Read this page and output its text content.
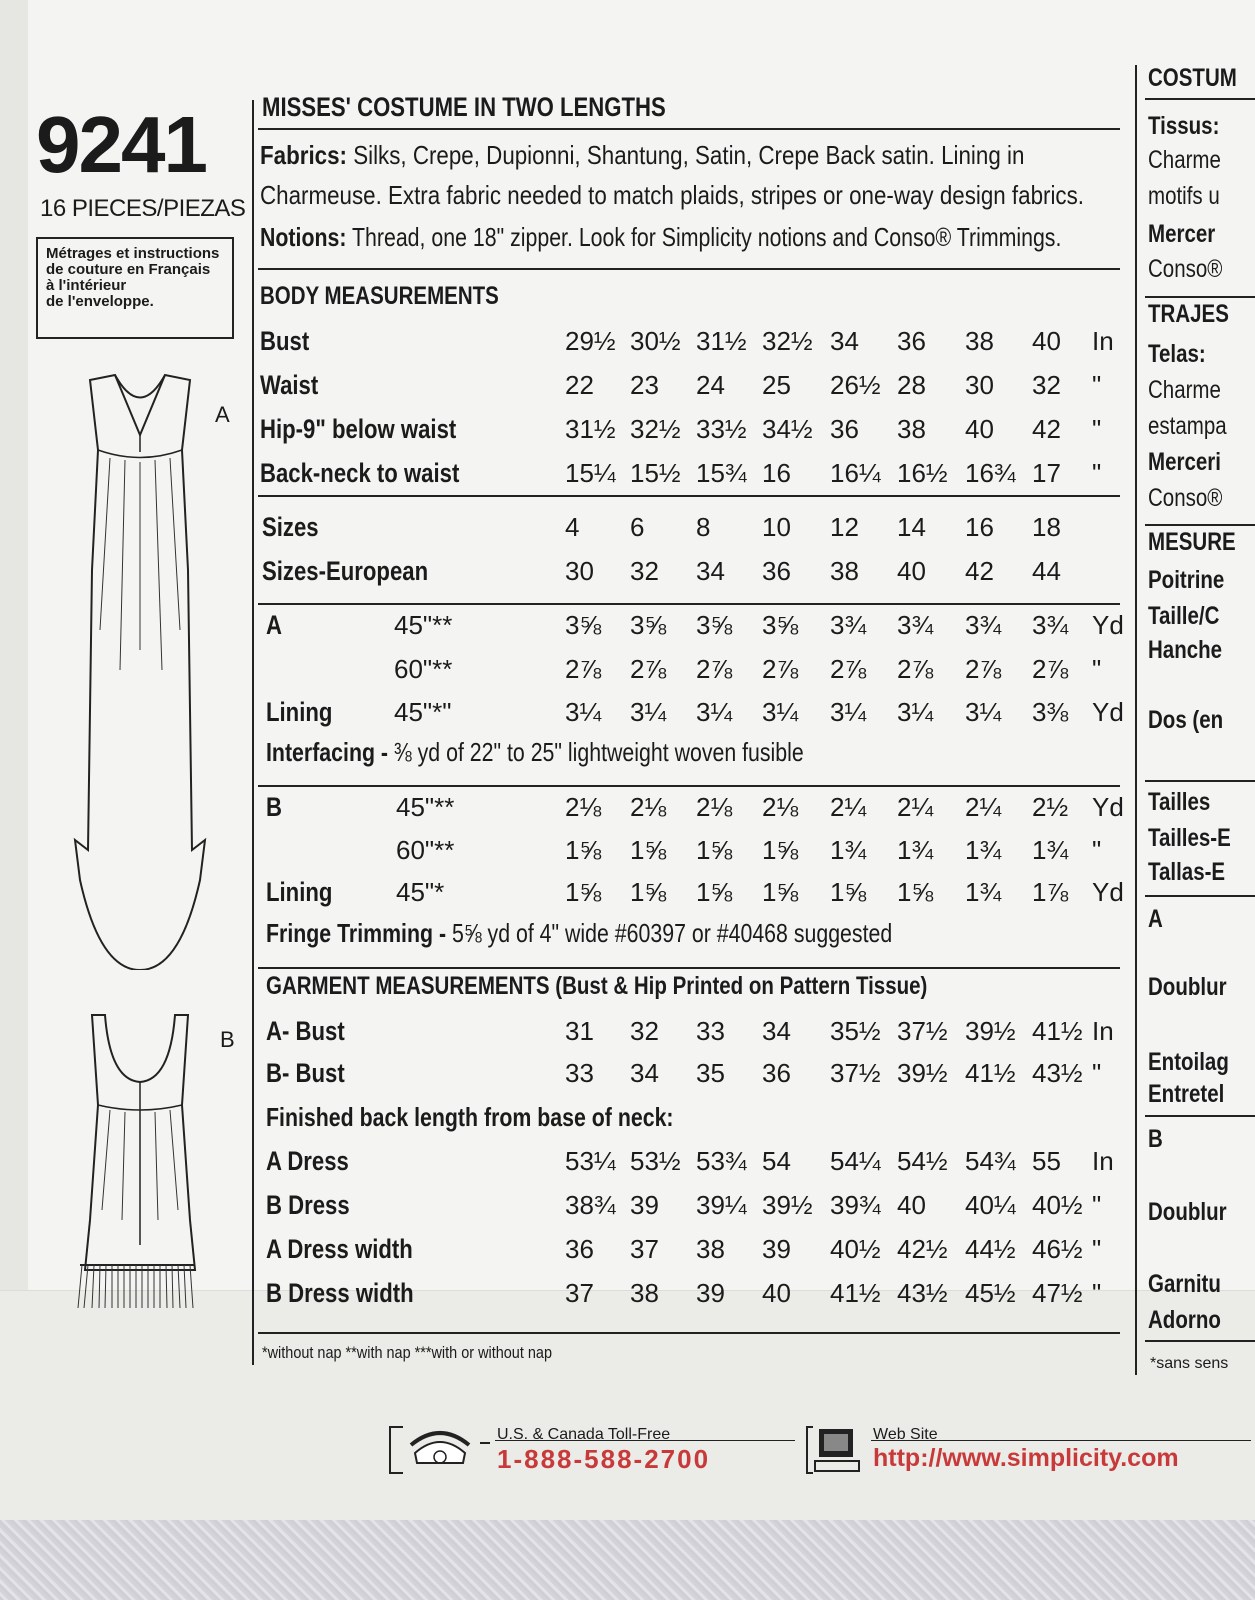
9241
16 PIECES/PIEZAS
Métrages et instructions
de couture en Français
à l'intérieur
de l'enveloppe.
A
B
MISSES' COSTUME IN TWO LENGTHS
Fabrics: Silks, Crepe, Dupionni, Shantung, Satin, Crepe Back satin. Lining in
Charmeuse. Extra fabric needed to match plaids, stripes or one-way design fabrics.
Notions: Thread, one 18" zipper. Look for Simplicity notions and Conso® Trimmings.
BODY MEASUREMENTS
Bust	29½ 30½ 31½ 32½ 34 36 38 40 In
Waist	22 23 24 25 26½ 28 30 32 "
Hip-9" below waist	31½ 32½ 33½ 34½ 36 38 40 42 "
Back-neck to waist	15¼ 15½ 15¾ 16 16¼ 16½ 16¾ 17 "
Sizes	4 6 8 10 12 14 16 18
Sizes-European	30 32 34 36 38 40 42 44
A	45"**	3⅝ 3⅝ 3⅝ 3⅝ 3¾ 3¾ 3¾ 3¾ Yd
60"**	2⅞ 2⅞ 2⅞ 2⅞ 2⅞ 2⅞ 2⅞ 2⅞ "
Lining	45"*"	3¼ 3¼ 3¼ 3¼ 3¼ 3¼ 3¼ 3⅜ Yd
B	45"**	2⅛ 2⅛ 2⅛ 2⅛ 2¼ 2¼ 2¼ 2½ Yd
60"**	1⅝ 1⅝ 1⅝ 1⅝ 1¾ 1¾ 1¾ 1¾ "
Lining	45"*	1⅝ 1⅝ 1⅝ 1⅝ 1⅝ 1⅝ 1¾ 1⅞ Yd
A- Bust	31 32 33 34 35½ 37½ 39½ 41½ In
B- Bust	33 34 35 36 37½ 39½ 41½ 43½ "
A Dress	53¼ 53½ 53¾ 54 54¼ 54½ 54¾ 55 In
B Dress	38¾ 39 39¼ 39½ 39¾ 40 40¼ 40½ "
A Dress width	36 37 38 39 40½ 42½ 44½ 46½ "
B Dress width	37 38 39 40 41½ 43½ 45½ 47½ "
Interfacing - ⅜ yd of 22" to 25" lightweight woven fusible
Fringe Trimming - 5⅝ yd of 4" wide #60397 or #40468 suggested
GARMENT MEASUREMENTS (Bust & Hip Printed on Pattern Tissue)
Finished back length from base of neck:
*without nap **with nap ***with or without nap
COSTUM
Tissus:
Charme
motifs u
Mercer
Conso®
TRAJES
Telas:
Charme
estampa
Merceri
Conso®
MESURE
Poitrine
Taille/C
Hanche
Dos (en
Tailles
Tailles-E
Tallas-E
A
Doublur
Entoilag
Entretel
B
Doublur
Garnitu
Adorno
*sans sens
U.S. & Canada Toll-Free
1-888-588-2700
Web Site
http://www.simplicity.com
